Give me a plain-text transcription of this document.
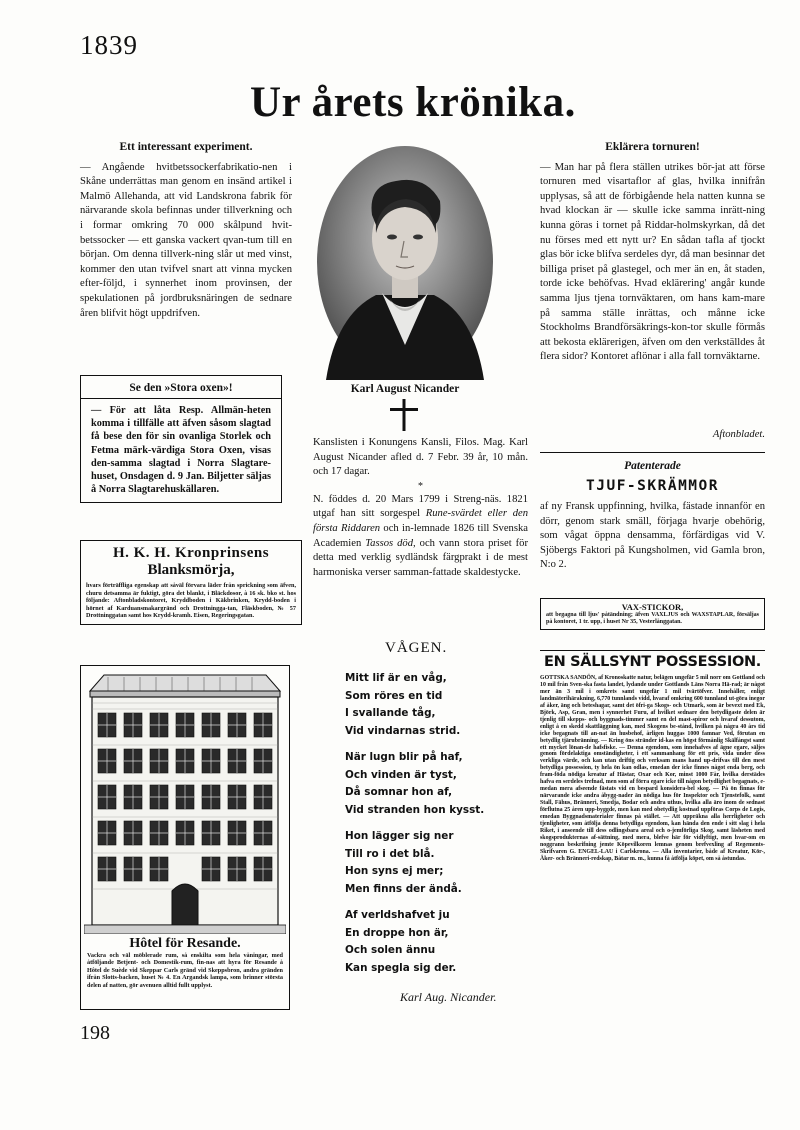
1839
Ur årets krönika.
Ett interessant experiment.

— Angående hvitbetssockerfabrikatio-nen i Skåne underrättas man genom en insänd artikel i Malmö Allehanda, att vid Landskrona fabrik för närvarande skola befinnas under tillverkning och i formar omkring 70 000 skålpund hvit-betssocker — ett ganska vackert qvan-tum till en början. Om denna tillverk-ning slår ut med vinst, kommer den utan tvifvel snart att vinna mycken efter-följd, i synnerhet inom provinsen, der spekulationen på jordbruksnäringen de sednare åren blifvit högt uppdrifven.

Se den »Stora oxen»!
— För att låta Resp. Allmän-heten komma i tillfälle att äfven såsom slagtad få bese den för sin ovanliga Storlek och Fetma märk-värdiga Stora Oxen, visas den-samma slagtad i Norra Slagtare-huset, Onsdagen d. 9 Jan. Biljetter säljas å Norra Slagtarehuskällaren.
H. K. H. Kronprinsens
Blanksmörja,
hvars förträffliga egenskap att såväl förvara läder från sprickning som äfven, churu detsamma är fuktigt, göra det blankt, i Bläckdosor, à 16 sk. bko st. hos följande: Aftonbladskontoret, Kryddboden i Käkbrinken, Krydd-boden i hörnet af Karduansmakargränd och Drottningga-tan, Fläskboden, № 57 Drottninggatan samt hos Krydd-kramh. Eisen, Regeringsgatan.
Hôtel för Resande.
Vackra och väl möblerade rum, så enskilta som hela våningar, med åtföljande Betjent- och Domestik-rum, fin-nas att hyra för Resande å Hôtel de Suède vid Skeppar Carls gränd vid Skeppsbron, andra gränden ifrån Slotts-backen, huset № 4. En Argandsk lampa, som brinner största delen af natten, gör avenuen alltid fullt upplyst.
Karl August Nicander

Kanslisten i Konungens Kansli, Filos. Mag. Karl August Nicander afled d. 7 Febr. 39 år, 10 mån. och 17 dagar.

*

N. föddes d. 20 Mars 1799 i Streng-näs. 1821 utgaf han sitt sorgespel Rune-svärdet eller den första Riddaren och in-lemnade 1826 till Svenska Academien Tassos död, och vann stora priset för detta med verklig sydländsk färgprakt i de mest harmoniska verser samman-fattade skaldestycke.

VÅGEN.
Mitt lif är en våg,
Som röres en tid
I svallande tåg,
Vid vindarnas strid.
När lugn blir på haf,
Och vinden är tyst,
Då somnar hon af,
Vid stranden hon kysst.
Hon lägger sig ner
Till ro i det blå.
Hon syns ej mer;
Men finns der ändå.
Af verldshafvet ju
En droppe hon är,
Och solen ännu
Kan spegla sig der.
Karl Aug. Nicander.
Eklärera tornuren!

— Man har på flera ställen utrikes bör-jat att förse tornuren med visartaflor af glas, hvilka innifrån upplysas, så att de förbigående hela natten kunna se hvad klockan är — skulle icke samma inrätt-ning kunna göras i tornet på Riddar-holmskyrkan, då det nu förses med ett nytt ur? En sådan tafla af tjockt glas bör icke blifva serdeles dyr, då man besinnar det billiga priset på glastegel, och mer än en, åt staden, torde icke behöfvas. Hvad eklärering' angår kunde samma ljus tjena tornväktaren, om hans kam-mare på samma ställe inrättas, och månne icke Stockholms Brandförsäkrings-kon-tor skulle förmås att bekosta eklärerigen, äfven om den verkställdes åt flera sidor? Kontoret aflönar i alla fall tornväktarne.

Aftonbladet.
Patenterade
TJUF-SKRÄMMOR
af ny Fransk uppfinning, hvilka, fästade innanför en dörr, genom stark smäll, förjaga hvarje obehörig, som vågat öppna densamma, förfärdigas vid V. Sjöbergs Faktori på Kungsholmen, vid Gamla bron, N:o 2.
VAX-STICKOR,
att begagna till ljus' påtändning; äfven VAXLJUS och WAXSTAPLAR, försäljas på kontoret, 1 tr. upp, i huset Nr 35, Vesterlånggatan.
EN SÄLLSYNT POSSESSION.
GOTTSKA SANDÖN, af Kronoskatte natur, belägen ungefär 5 mil norr om Gottland och 10 mil från Sven-ska fasta landet, lydande under Gottlands Läns Norra Hä-rad; är något mer än 3 mil i omkrets samt ungefär 1 mil tvärtöfver. Innehåller, enligt landmäterihärakning, 6,770 tunnlands vidd, hvaraf omkring 600 tunnland ut-göra inegor af åker, äng och beteshagar, samt det öfri-ga Skogs- och Utmark, som är bevext med Ek, Björk, Asp, Gran, men i synnerhet Furu, af hvilket sednare den betydligaste delen är tjenlig till skepps- och byggnads-timmer samt en del mast-spiror och hvaraf dessutom, enligt å en skedd skattläggning kan, med Skogens be-stånd, hvilken på några 40 års tid icke begagnats till an-nat än husbehof, årligen huggas 1000 famnar Ved, förutan en betydlig tjärubränning. — Kring öns stränder id-kas en högst förmånlig Skälfångst samt ett mycket lönan-de hafsfiske. — Denna egendom, som innehafves af ägne egare, säljes genom fördelaktiga omständigheter, i ett sammanhang för ett pris, vida under dess verkliga värde, och kan utan driftig och verksam mans hand up-drifvas till den mest betydliga possession, ty hela ön kan odlas, emedan der icke finnes något enda berg, och fram-föda nödiga kreatur af Hästar, Oxar och Kor, minst 1000 Får, hvilka derstädes hafva en serdeles trefnad, men som af förra egare icke till någon betydlighet begagnats, e-medan mera afseende fästats vid en bespard konsidera-bel skog. — På ön finnas för närvarande icke andra åbygg-nader än nödiga hus för Inspektor och Tjenstefolk, samt Stall, Fähus, Bränneri, Smedja, Bodar och andra uthus, hvilka alla äro inom de sednast förflutna 25 åren upp-byggde, men kan med obetydlig kostnad uppföras Corps de Logis, emedan Byggnadsmaterialer finnas på stället. — Att uppräkna alla herrligheter och tjenligheter, som åtfölja denna betydliga egendom, kan hända den ende i sitt slag i hela Riket, i anseende till dess odlingsbara areal och o-jemförliga Skog, samt läsheten med skogsprodukternas af-sättning, med mera, blefve här för vidlyftigt, men hvar-om en noggrann beskrifning jemte Köpevilkoren lemnas genom brefvexling af Regements-Skrifvaren G. ENGEL-LAU i Carlskrona. — Alla inventarier, både af Kreatur, Kör-, Åker- och Bränneri-redskap, Båtar m. m., kunna få åtfölja köpet, om så åstundas.
198
